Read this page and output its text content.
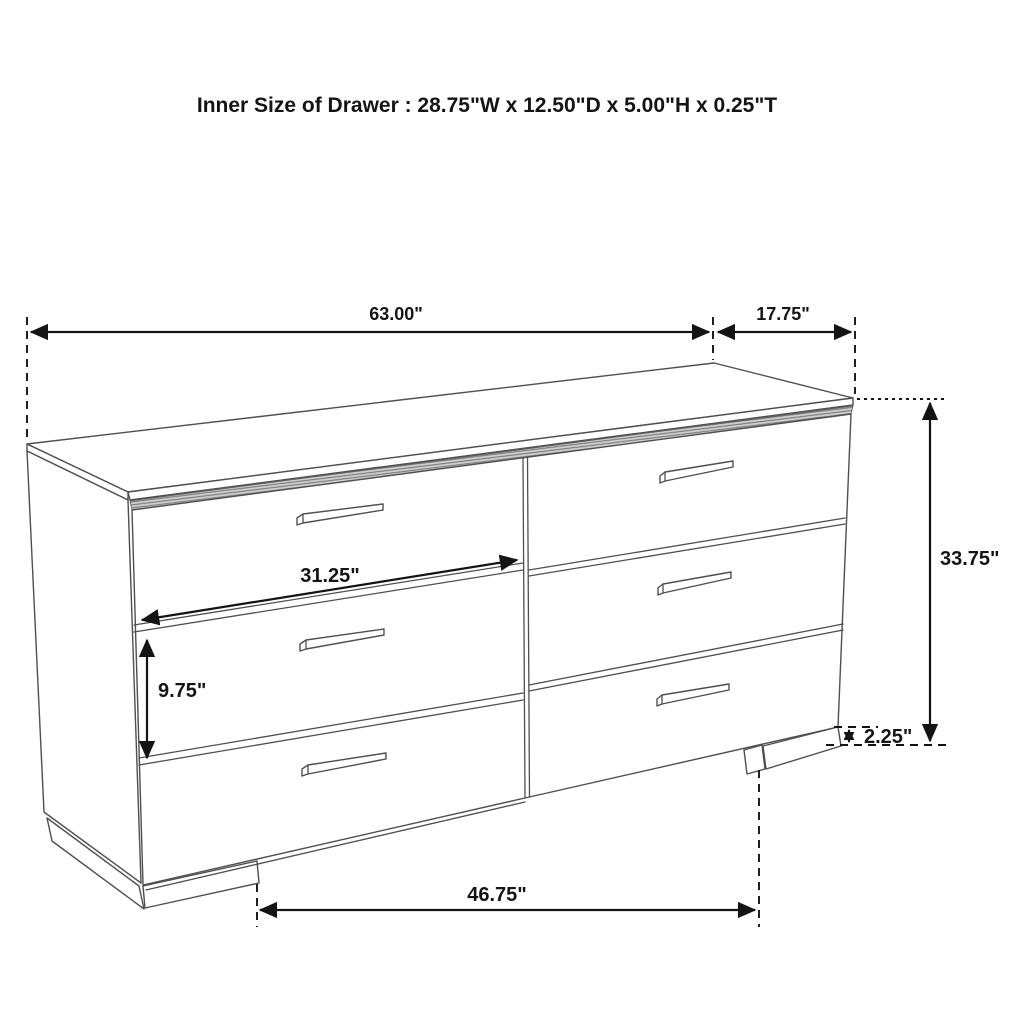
63.00"	17.75"
33.75"
31.25"
9.75"
2.25"
46.75"
Inner Size of Drawer : 28.75"W x 12.50"D x 5.00"H x 0.25"T
